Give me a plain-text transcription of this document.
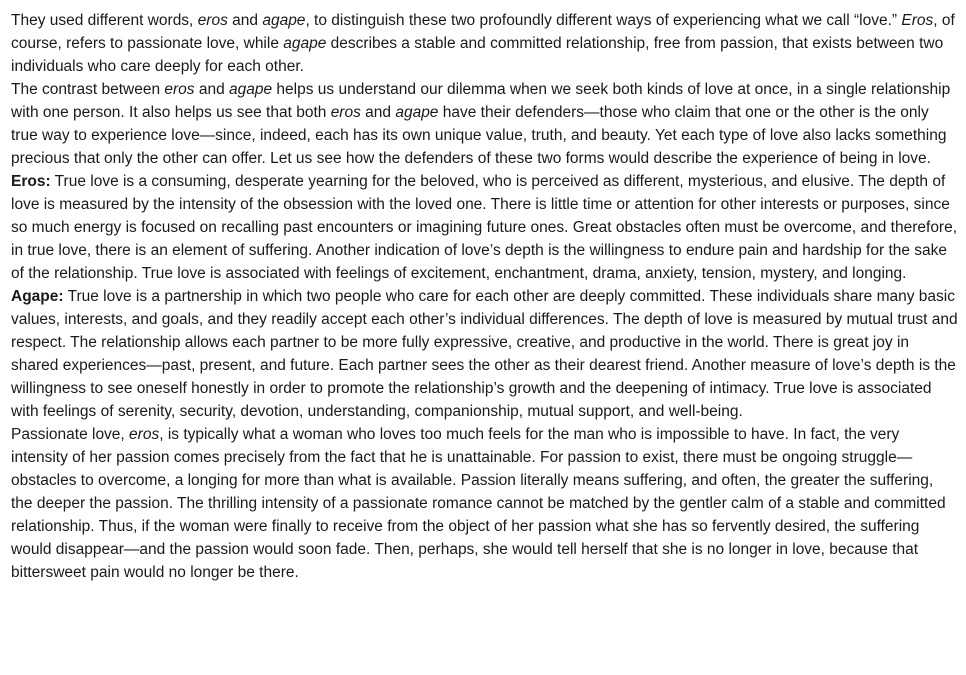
They used different words, eros and agape, to distinguish these two profoundly different ways of experiencing what we call “love.” Eros, of course, refers to passionate love, while agape describes a stable and committed relationship, free from passion, that exists between two individuals who care deeply for each other.

The contrast between eros and agape helps us understand our dilemma when we seek both kinds of love at once, in a single relationship with one person. It also helps us see that both eros and agape have their defenders—those who claim that one or the other is the only true way to experience love—since, indeed, each has its own unique value, truth, and beauty. Yet each type of love also lacks something precious that only the other can offer. Let us see how the defenders of these two forms would describe the experience of being in love.

Eros: True love is a consuming, desperate yearning for the beloved, who is perceived as different, mysterious, and elusive. The depth of love is measured by the intensity of the obsession with the loved one. There is little time or attention for other interests or purposes, since so much energy is focused on recalling past encounters or imagining future ones. Great obstacles often must be overcome, and therefore, in true love, there is an element of suffering. Another indication of love’s depth is the willingness to endure pain and hardship for the sake of the relationship. True love is associated with feelings of excitement, enchantment, drama, anxiety, tension, mystery, and longing.

Agape: True love is a partnership in which two people who care for each other are deeply committed. These individuals share many basic values, interests, and goals, and they readily accept each other’s individual differences. The depth of love is measured by mutual trust and respect. The relationship allows each partner to be more fully expressive, creative, and productive in the world. There is great joy in shared experiences—past, present, and future. Each partner sees the other as their dearest friend. Another measure of love’s depth is the willingness to see oneself honestly in order to promote the relationship’s growth and the deepening of intimacy. True love is associated with feelings of serenity, security, devotion, understanding, companionship, mutual support, and well-being.

Passionate love, eros, is typically what a woman who loves too much feels for the man who is impossible to have. In fact, the very intensity of her passion comes precisely from the fact that he is unattainable. For passion to exist, there must be ongoing struggle—obstacles to overcome, a longing for more than what is available. Passion literally means suffering, and often, the greater the suffering, the deeper the passion. The thrilling intensity of a passionate romance cannot be matched by the gentler calm of a stable and committed relationship. Thus, if the woman were finally to receive from the object of her passion what she has so fervently desired, the suffering would disappear—and the passion would soon fade. Then, perhaps, she would tell herself that she is no longer in love, because that bittersweet pain would no longer be there.
